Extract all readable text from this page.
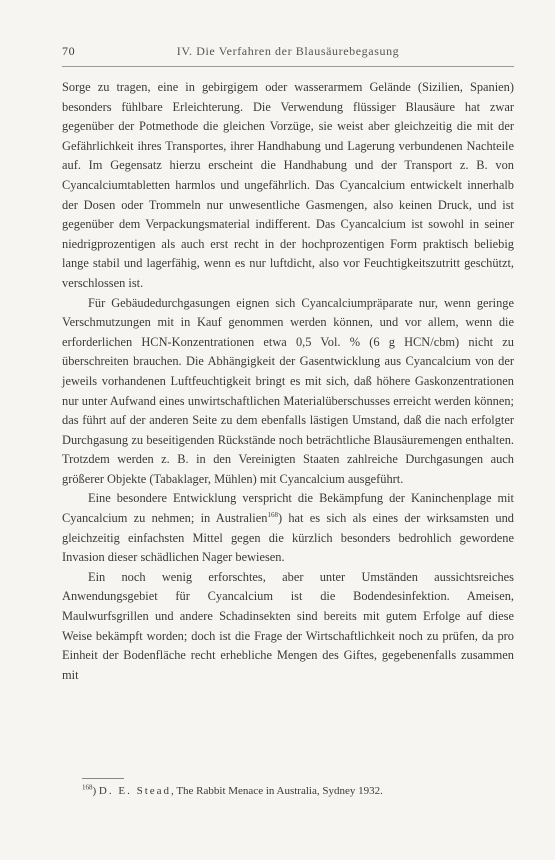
70	IV. Die Verfahren der Blausäurebegasung

Sorge zu tragen, eine in gebirgigem oder wasserarmem Gelände (Sizilien, Spanien) besonders fühlbare Erleichterung. Die Verwendung flüssiger Blausäure hat zwar gegenüber der Potmethode die gleichen Vorzüge, sie weist aber gleichzeitig die mit der Gefährlichkeit ihres Transportes, ihrer Handhabung und Lagerung verbundenen Nachteile auf. Im Gegensatz hierzu erscheint die Handhabung und der Transport z. B. von Cyancalciumtabletten harmlos und ungefährlich. Das Cyancalcium entwickelt innerhalb der Dosen oder Trommeln nur unwesentliche Gasmengen, also keinen Druck, und ist gegenüber dem Verpackungsmaterial indifferent. Das Cyancalcium ist sowohl in seiner niedrigprozentigen als auch erst recht in der hochprozentigen Form praktisch beliebig lange stabil und lagerfähig, wenn es nur luftdicht, also vor Feuchtigkeitszutritt geschützt, verschlossen ist.

Für Gebäudedurchgasungen eignen sich Cyancalciumpräparate nur, wenn geringe Verschmutzungen mit in Kauf genommen werden können, und vor allem, wenn die erforderlichen HCN-Konzentrationen etwa 0,5 Vol. % (6 g HCN/cbm) nicht zu überschreiten brauchen. Die Abhängigkeit der Gasentwicklung aus Cyancalcium von der jeweils vorhandenen Luftfeuchtigkeit bringt es mit sich, daß höhere Gaskonzentrationen nur unter Aufwand eines unwirtschaftlichen Materialüberschusses erreicht werden können; das führt auf der anderen Seite zu dem ebenfalls lästigen Umstand, daß die nach erfolgter Durchgasung zu beseitigenden Rückstände noch beträchtliche Blausäuremengen enthalten. Trotzdem werden z. B. in den Vereinigten Staaten zahlreiche Durchgasungen auch größerer Objekte (Tabaklager, Mühlen) mit Cyancalcium ausgeführt.

Eine besondere Entwicklung verspricht die Bekämpfung der Kaninchenplage mit Cyancalcium zu nehmen; in Australien$^{168}$) hat es sich als eines der wirksamsten und gleichzeitig einfachsten Mittel gegen die kürzlich besonders bedrohlich gewordene Invasion dieser schädlichen Nager bewiesen.

Ein noch wenig erforschtes, aber unter Umständen aussichtsreiches Anwendungsgebiet für Cyancalcium ist die Bodendesinfektion. Ameisen, Maulwurfsgrillen und andere Schadinsekten sind bereits mit gutem Erfolge auf diese Weise bekämpft worden; doch ist die Frage der Wirtschaftlichkeit noch zu prüfen, da pro Einheit der Bodenfläche recht erhebliche Mengen des Giftes, gegebenenfalls zusammen mit

$^{168}$) D. E. Stead, The Rabbit Menace in Australia, Sydney 1932.
